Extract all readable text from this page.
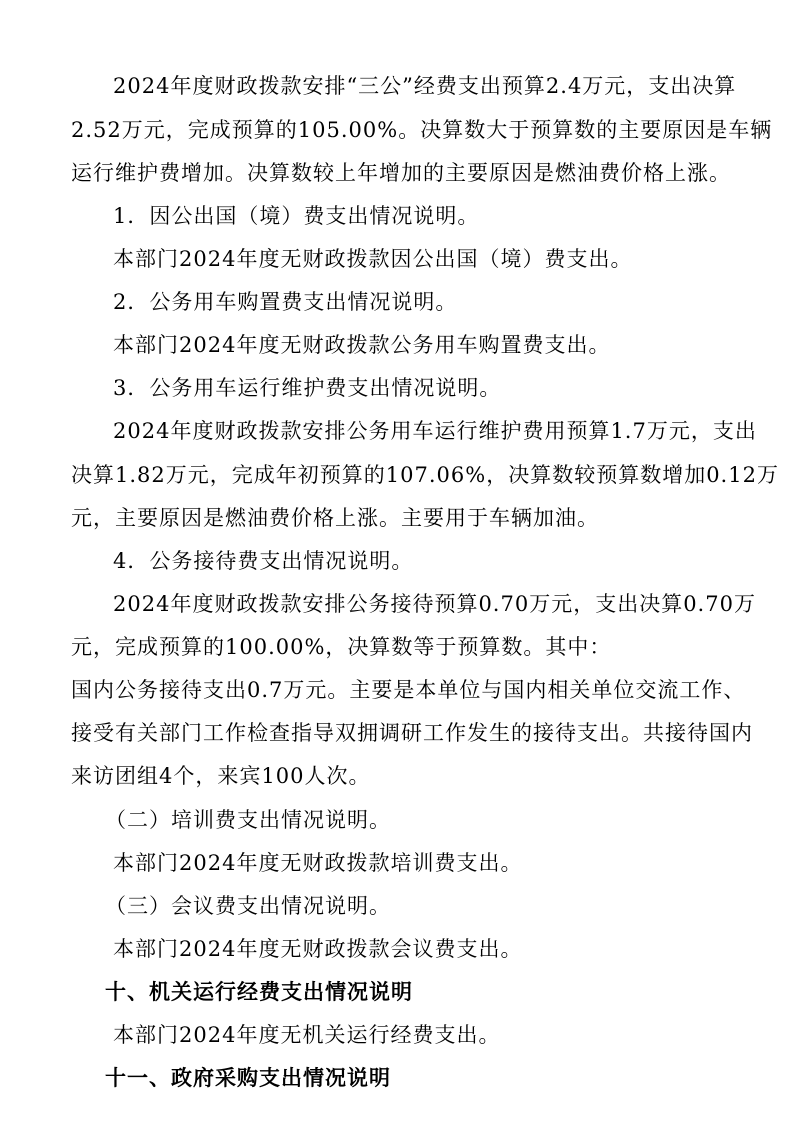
2024年度财政拨款安排“三公”经费支出预算2.4万元，支出决算
2.52万元，完成预算的105.00%。决算数大于预算数的主要原因是车辆
运行维护费增加。决算数较上年增加的主要原因是燃油费价格上涨。
1．因公出国（境）费支出情况说明。
本部门2024年度无财政拨款因公出国（境）费支出。
2．公务用车购置费支出情况说明。
本部门2024年度无财政拨款公务用车购置费支出。
3．公务用车运行维护费支出情况说明。
2024年度财政拨款安排公务用车运行维护费用预算1.7万元，支出
决算1.82万元，完成年初预算的107.06%，决算数较预算数增加0.12万
元，主要原因是燃油费价格上涨。主要用于车辆加油。
4．公务接待费支出情况说明。
2024年度财政拨款安排公务接待预算0.70万元，支出决算0.70万
元，完成预算的100.00%，决算数等于预算数。其中：
国内公务接待支出0.7万元。主要是本单位与国内相关单位交流工作、
接受有关部门工作检查指导双拥调研工作发生的接待支出。共接待国内
来访团组4个，来宾100人次。
（二）培训费支出情况说明。
本部门2024年度无财政拨款培训费支出。
（三）会议费支出情况说明。
本部门2024年度无财政拨款会议费支出。
十、机关运行经费支出情况说明
本部门2024年度无机关运行经费支出。
十一、政府采购支出情况说明
